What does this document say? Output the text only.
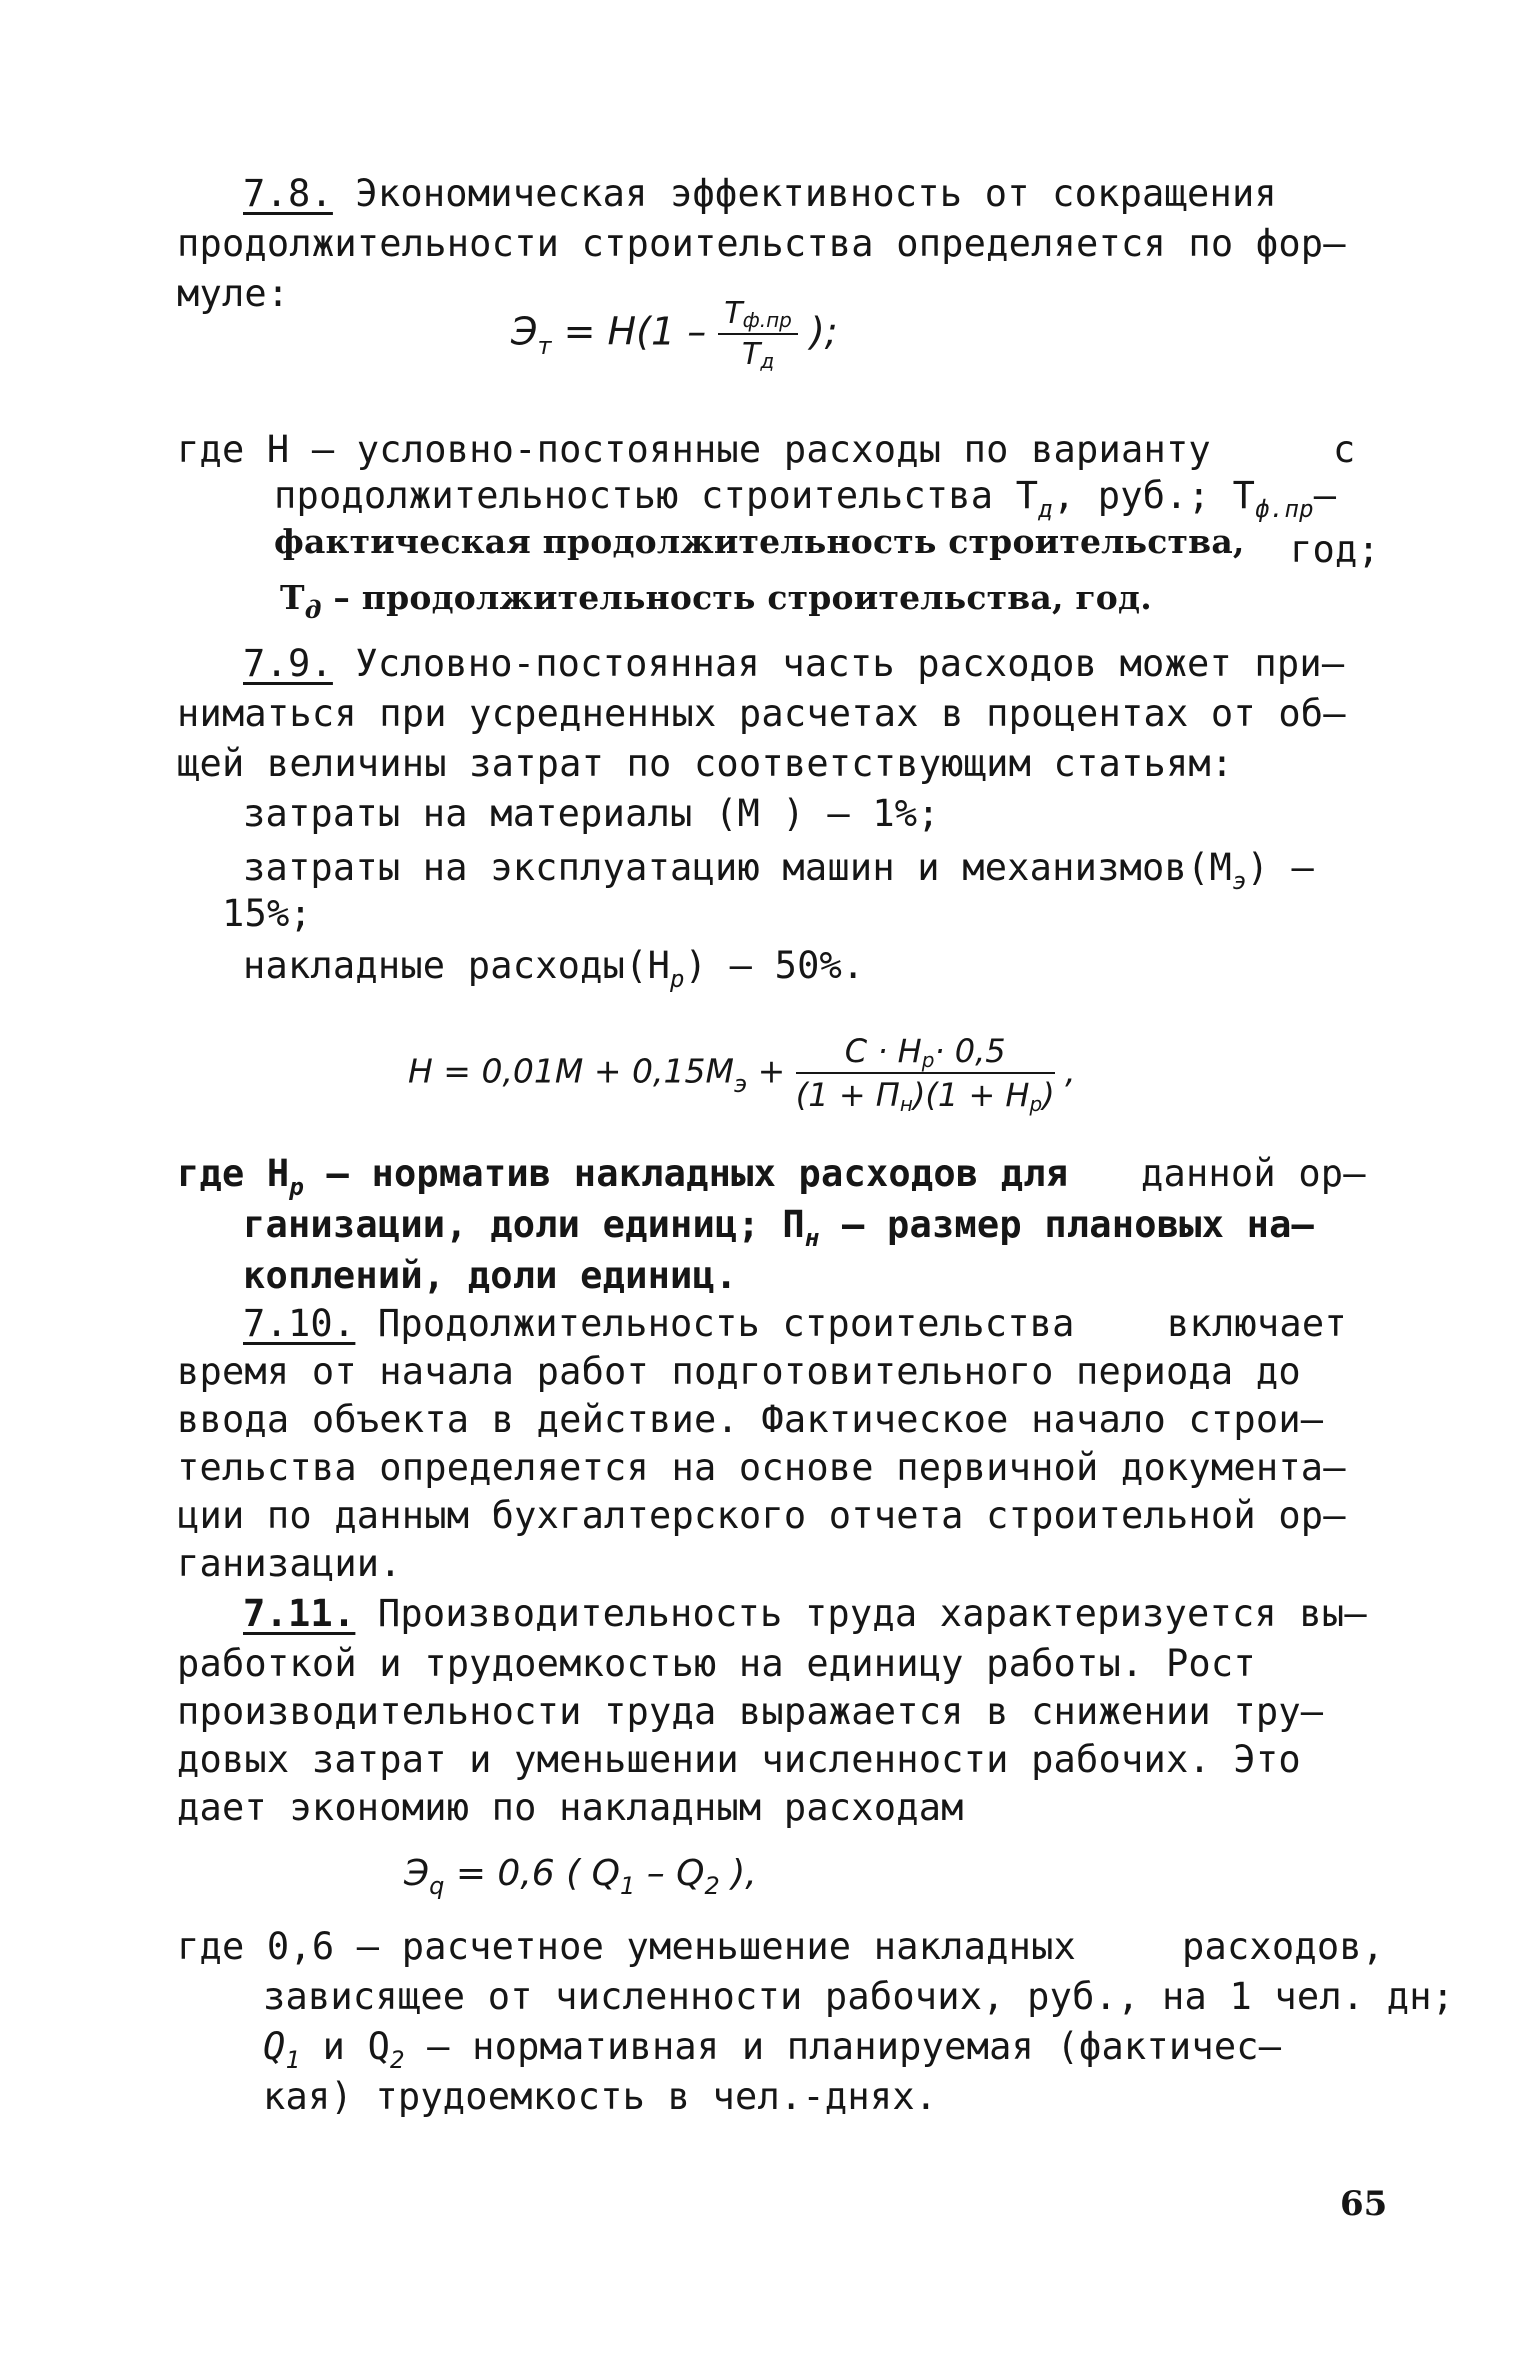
7.8. Экономическая эффективность от сокращения
продолжительности строительства определяется по фор–
муле:
$Э_т = Н(1 - \frac{Тф.пр}{Тд}$ );
где Н – условно-постоянные расходы по варианту	с
продолжительностью строительства $Т_д$, руб.; $Т_{ф.пр}-$
фактическая продолжительность строительства, год;
$Т_д$ – продолжительность строительства, год.
7.9. Условно-постоянная часть расходов может при–
ниматься при усредненных расчетах в процентах от об–
щей величины затрат по соответствующим статьям:
затраты на материалы (М ) – 1%;
затраты на эксплуатацию машин и $механизмов(М_э)$ –
15%;
накладные $расходы(Н_р) - 50\%$.
$Н = 0,01М + 0,15М_э + \frac{С \cdot Нр\cdot 0,5}{(1 + Пн)(1 + Нр)}$ ,
где $Н_р$ – норматив накладных расходов для данной ор–
ганизации, доли единиц; $П_н$ – размер плановых на–
коплений, доли единиц.
7.10. Продолжительность строительства включает
время от начала работ подготовительного периода до
ввода объекта в действие. Фактическое начало строи–
тельства определяется на основе первичной документа–
ции по данным бухгалтерского отчета строительной ор–
ганизации.
7.11. Производительность труда характеризуется вы–
работкой и трудоемкостью на единицу работы. Рост
производительности труда выражается в снижении тру–
довых затрат и уменьшении численности рабочих. Это
дает экономию по накладным расходам
$Э_q = 0,6$ ( $Q_1 - Q_2$ ),
где 0,6 – расчетное уменьшение накладных	расходов,
зависящее от численности рабочих, руб., на 1 чел. дн;
$Q_1$ и $Q_2$ – нормативная и планируемая (фактичес–
кая) трудоемкость в чел.-днях.
65
